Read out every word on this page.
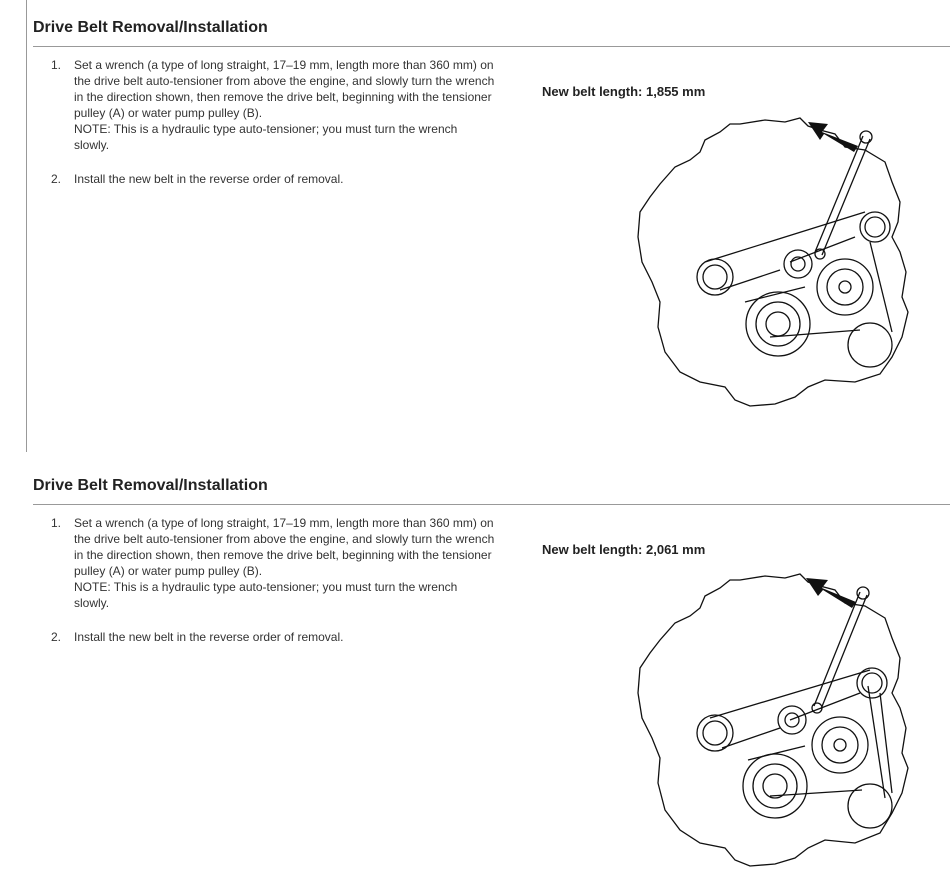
Drive Belt Removal/Installation
1. Set a wrench (a type of long straight, 17–19 mm, length more than 360 mm) on
the drive belt auto-tensioner from above the engine, and slowly turn the wrench
in the direction shown, then remove the drive belt, beginning with the tensioner
pulley (A) or water pump pulley (B).
NOTE: This is a hydraulic type auto-tensioner; you must turn the wrench
slowly.
2. Install the new belt in the reverse order of removal.
New belt length: 1,855 mm
Drive Belt Removal/Installation
1. Set a wrench (a type of long straight, 17–19 mm, length more than 360 mm) on
the drive belt auto-tensioner from above the engine, and slowly turn the wrench
in the direction shown, then remove the drive belt, beginning with the tensioner
pulley (A) or water pump pulley (B).
NOTE: This is a hydraulic type auto-tensioner; you must turn the wrench
slowly.
2. Install the new belt in the reverse order of removal.
New belt length: 2,061 mm
